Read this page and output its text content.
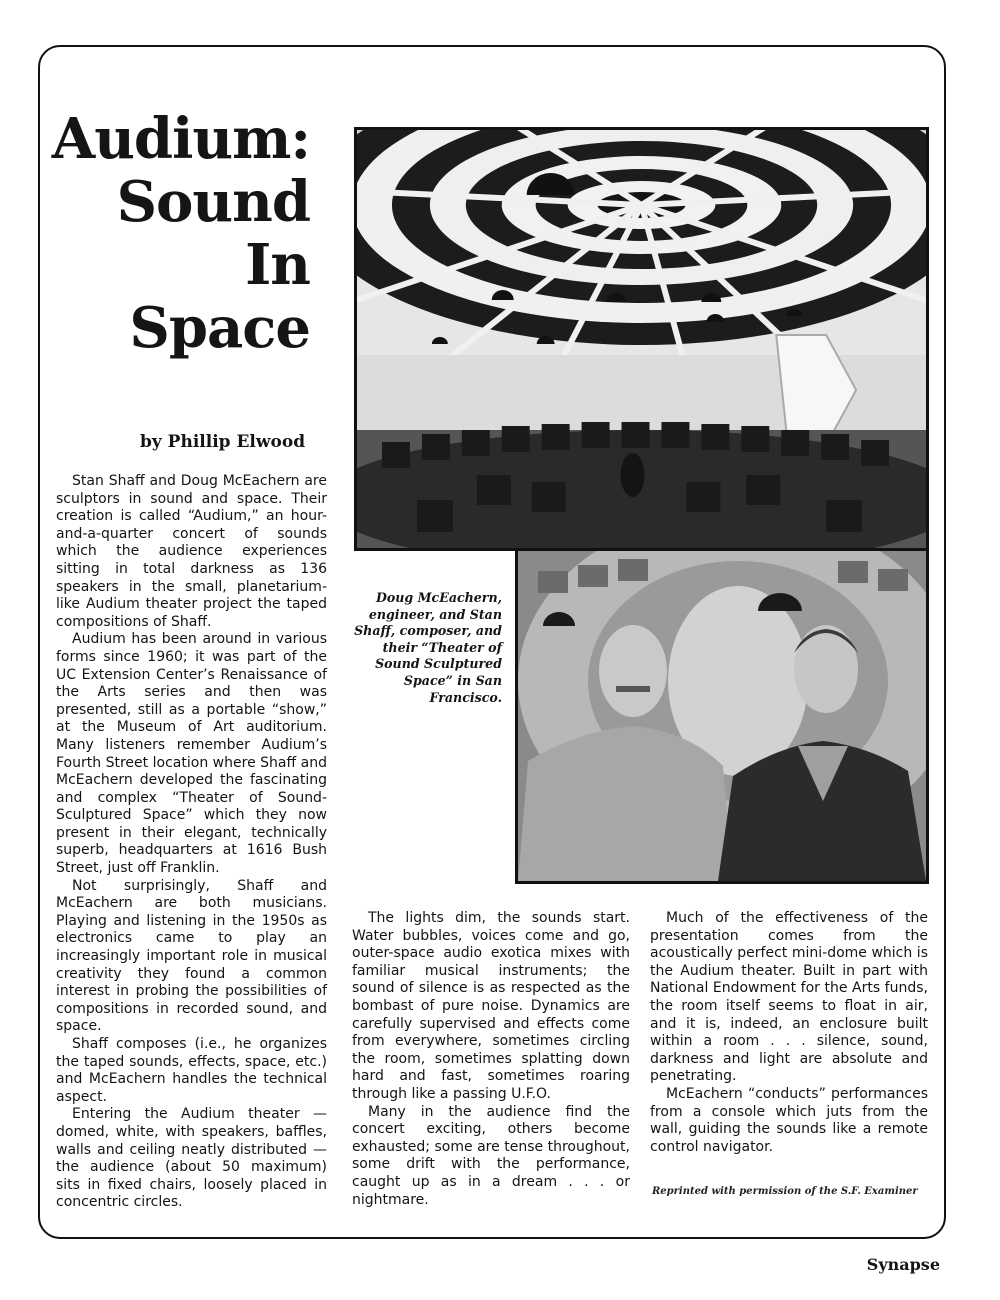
Audium:
Sound
In
Space

by Phillip Elwood

Doug McEachern, engineer, and Stan Shaff, composer, and their “Theater of Sound Sculptured Space” in San Francisco.

Stan Shaff and Doug McEachern are sculptors in sound and space. Their creation is called “Audium,” an hour-and-a-quarter concert of sounds which the audience experiences sitting in total darkness as 136 speakers in the small, planetarium-like Audium theater project the taped compositions of Shaff.

Audium has been around in various forms since 1960; it was part of the UC Extension Center’s Renaissance of the Arts series and then was presented, still as a portable “show,” at the Museum of Art auditorium. Many listeners remember Audium’s Fourth Street location where Shaff and McEachern developed the fascinating and complex “Theater of Sound-Sculptured Space” which they now present in their elegant, technically superb, headquarters at 1616 Bush Street, just off Franklin.

Not surprisingly, Shaff and McEachern are both musicians. Playing and listening in the 1950s as electronics came to play an increasingly important role in musical creativity they found a common interest in probing the possibilities of compositions in recorded sound, and space.

Shaff composes (i.e., he organizes the taped sounds, effects, space, etc.) and McEachern handles the technical aspect.

Entering the Audium theater — domed, white, with speakers, baffles, walls and ceiling neatly distributed — the audience (about 50 maximum) sits in fixed chairs, loosely placed in concentric circles.

The lights dim, the sounds start. Water bubbles, voices come and go, outer-space audio exotica mixes with familiar musical instruments; the sound of silence is as respected as the bombast of pure noise. Dynamics are carefully supervised and effects come from everywhere, sometimes circling the room, sometimes splatting down hard and fast, sometimes roaring through like a passing U.F.O.

Many in the audience find the concert exciting, others become exhausted; some are tense throughout, some drift with the performance, caught up as in a dream . . . or nightmare.

Much of the effectiveness of the presentation comes from the acoustically perfect mini-dome which is the Audium theater. Built in part with National Endowment for the Arts funds, the room itself seems to float in air, and it is, indeed, an enclosure built within a room . . . silence, sound, darkness and light are absolute and penetrating.

McEachern “conducts” performances from a console which juts from the wall, guiding the sounds like a remote control navigator.

Reprinted with permission of the S.F. Examiner

Synapse
